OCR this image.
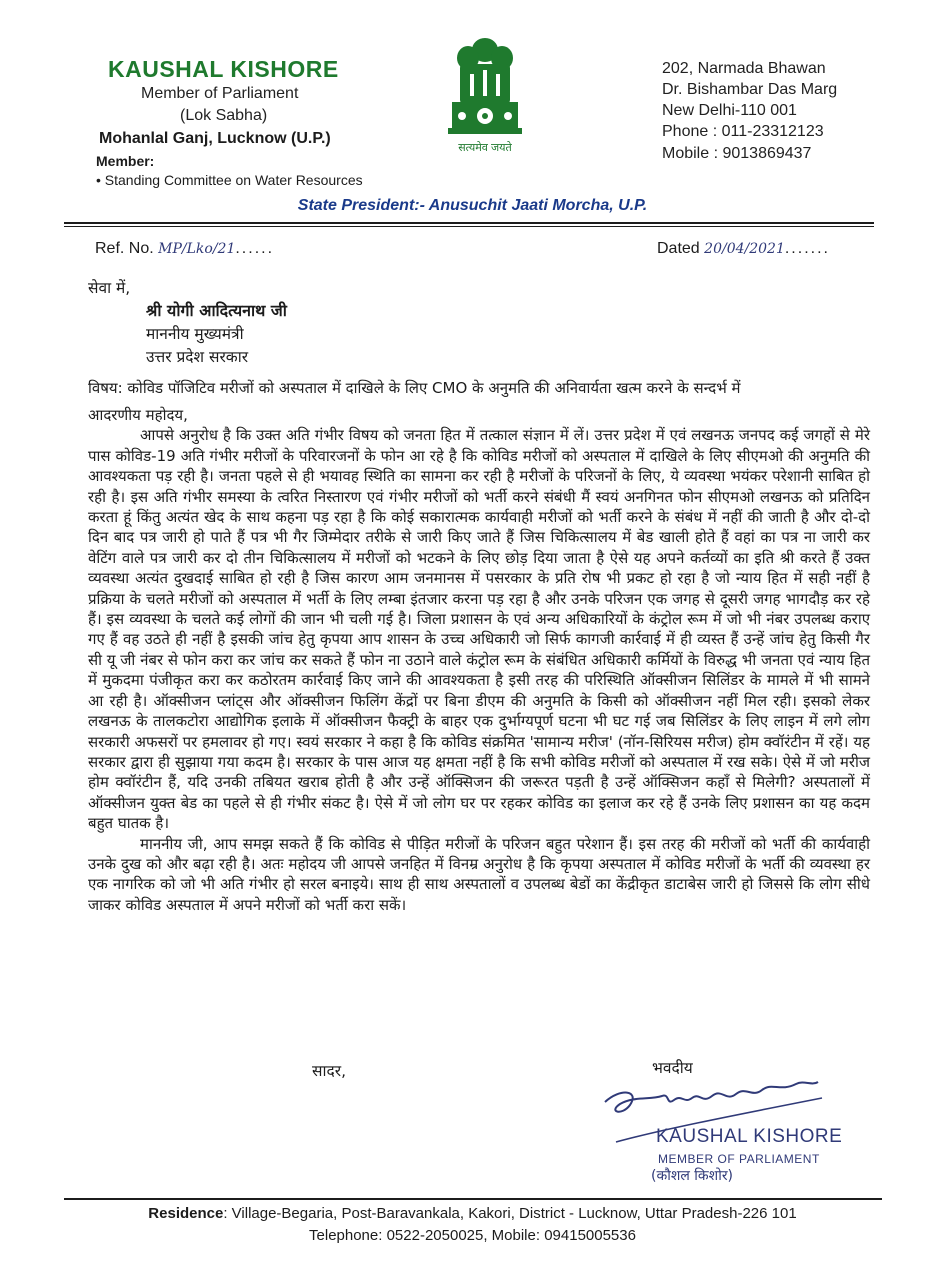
KAUSHAL KISHORE
Member of Parliament
(Lok Sabha)
Mohanlal Ganj, Lucknow (U.P.)
Member:
• Standing Committee on Water Resources
सत्यमेव जयते
202, Narmada Bhawan
Dr. Bishambar Das Marg
New Delhi-110 001
Phone : 011-23312123
Mobile : 9013869437
State President:- Anusuchit Jaati Morcha, U.P.
Ref. No. MP/Lko/21......	Dated 20/04/2021.......
सेवा में,
श्री योगी आदित्यनाथ जी
माननीय मुख्यमंत्री
उत्तर प्रदेश सरकार
विषय: कोविड पॉजिटिव मरीजों को अस्पताल में दाखिले के लिए CMO के अनुमति की अनिवार्यता खत्म करने के सन्दर्भ में

आदरणीय महोदय,

आपसे अनुरोध है कि उक्त अति गंभीर विषय को जनता हित में तत्काल संज्ञान में लें। उत्तर प्रदेश में एवं लखनऊ जनपद कई जगहों से मेरे पास कोविड-19 अति गंभीर मरीजों के परिवारजनों के फोन आ रहे है कि कोविड मरीजों को अस्पताल में दाखिले के लिए सीएमओ की अनुमति की आवश्यकता पड़ रही है। जनता पहले से ही भयावह स्थिति का सामना कर रही है मरीजों के परिजनों के लिए, ये व्यवस्था भयंकर परेशानी साबित हो रही है। इस अति गंभीर समस्या के त्वरित निस्तारण एवं गंभीर मरीजों को भर्ती करने संबंधी मैं स्वयं अनगिनत फोन सीएमओ लखनऊ को प्रतिदिन करता हूं किंतु अत्यंत खेद के साथ कहना पड़ रहा है कि कोई सकारात्मक कार्यवाही मरीजों को भर्ती करने के संबंध में नहीं की जाती है और दो-दो दिन बाद पत्र जारी हो पाते हैं पत्र भी गैर जिम्मेदार तरीके से जारी किए जाते हैं जिस चिकित्सालय में बेड खाली होते हैं वहां का पत्र ना जारी कर वेटिंग वाले पत्र जारी कर दो तीन चिकित्सालय में मरीजों को भटकने के लिए छोड़ दिया जाता है ऐसे यह अपने कर्तव्यों का इति श्री करते हैं उक्त व्यवस्था अत्यंत दुखदाई साबित हो रही है जिस कारण आम जनमानस में पसरकार के प्रति रोष भी प्रकट हो रहा है जो न्याय हित में सही नहीं है प्रक्रिया के चलते मरीजों को अस्पताल में भर्ती के लिए लम्बा इंतजार करना पड़ रहा है और उनके परिजन एक जगह से दूसरी जगह भागदौड़ कर रहे हैं। इस व्यवस्था के चलते कई लोगों की जान भी चली गई है। जिला प्रशासन के एवं अन्य अधिकारियों के कंट्रोल रूम में जो भी नंबर उपलब्ध कराए गए हैं वह उठते ही नहीं है इसकी जांच हेतु कृपया आप शासन के उच्च अधिकारी जो सिर्फ कागजी कार्रवाई में ही व्यस्त हैं उन्हें जांच हेतु किसी गैर सी यू जी नंबर से फोन करा कर जांच कर सकते हैं फोन ना उठाने वाले कंट्रोल रूम के संबंधित अधिकारी कर्मियों के विरुद्ध भी जनता एवं न्याय हित में मुकदमा पंजीकृत करा कर कठोरतम कार्रवाई किए जाने की आवश्यकता है इसी तरह की परिस्थिति ऑक्सीजन सिलिंडर के मामले में भी सामने आ रही है। ऑक्सीजन प्लांट्स और ऑक्सीजन फिलिंग केंद्रों पर बिना डीएम की अनुमति के किसी को ऑक्सीजन नहीं मिल रही। इसको लेकर लखनऊ के तालकटोरा आद्योगिक इलाके में ऑक्सीजन फैक्ट्री के बाहर एक दुर्भाग्यपूर्ण घटना भी घट गई जब सिलिंडर के लिए लाइन में लगे लोग सरकारी अफसरों पर हमलावर हो गए। स्वयं सरकार ने कहा है कि कोविड संक्रमित 'सामान्य मरीज' (नॉन-सिरियस मरीज) होम क्वॉरंटीन में रहें। यह सरकार द्वारा ही सुझाया गया कदम है। सरकार के पास आज यह क्षमता नहीं है कि सभी कोविड मरीजों को अस्पताल में रख सके। ऐसे में जो मरीज होम क्वॉरंटीन हैं, यदि उनकी तबियत खराब होती है और उन्हें ऑक्सिजन की जरूरत पड़ती है उन्हें ऑक्सिजन कहाँ से मिलेगी? अस्पतालों में ऑक्सीजन युक्त बेड का पहले से ही गंभीर संकट है। ऐसे में जो लोग घर पर रहकर कोविड का इलाज कर रहे हैं उनके लिए प्रशासन का यह कदम बहुत घातक है।

माननीय जी, आप समझ सकते हैं कि कोविड से पीड़ित मरीजों के परिजन बहुत परेशान हैं। इस तरह की मरीजों को भर्ती की कार्यवाही उनके दुख को और बढ़ा रही है। अतः महोदय जी आपसे जनहित में विनम्र अनुरोध है कि कृपया अस्पताल में कोविड मरीजों के भर्ती की व्यवस्था हर एक नागरिक को जो भी अति गंभीर हो सरल बनाइये। साथ ही साथ अस्पतालों व उपलब्ध बेडों का केंद्रीकृत डाटाबेस जारी हो जिससे कि लोग सीधे जाकर कोविड अस्पताल में अपने मरीजों को भर्ती करा सकें।

सादर,	भवदीय
KAUSHAL KISHORE
MEMBER OF PARLIAMENT
(कौशल किशोर)
Residence: Village-Begaria, Post-Baravankala, Kakori, District - Lucknow, Uttar Pradesh-226 101
Telephone: 0522-2050025, Mobile: 09415005536
